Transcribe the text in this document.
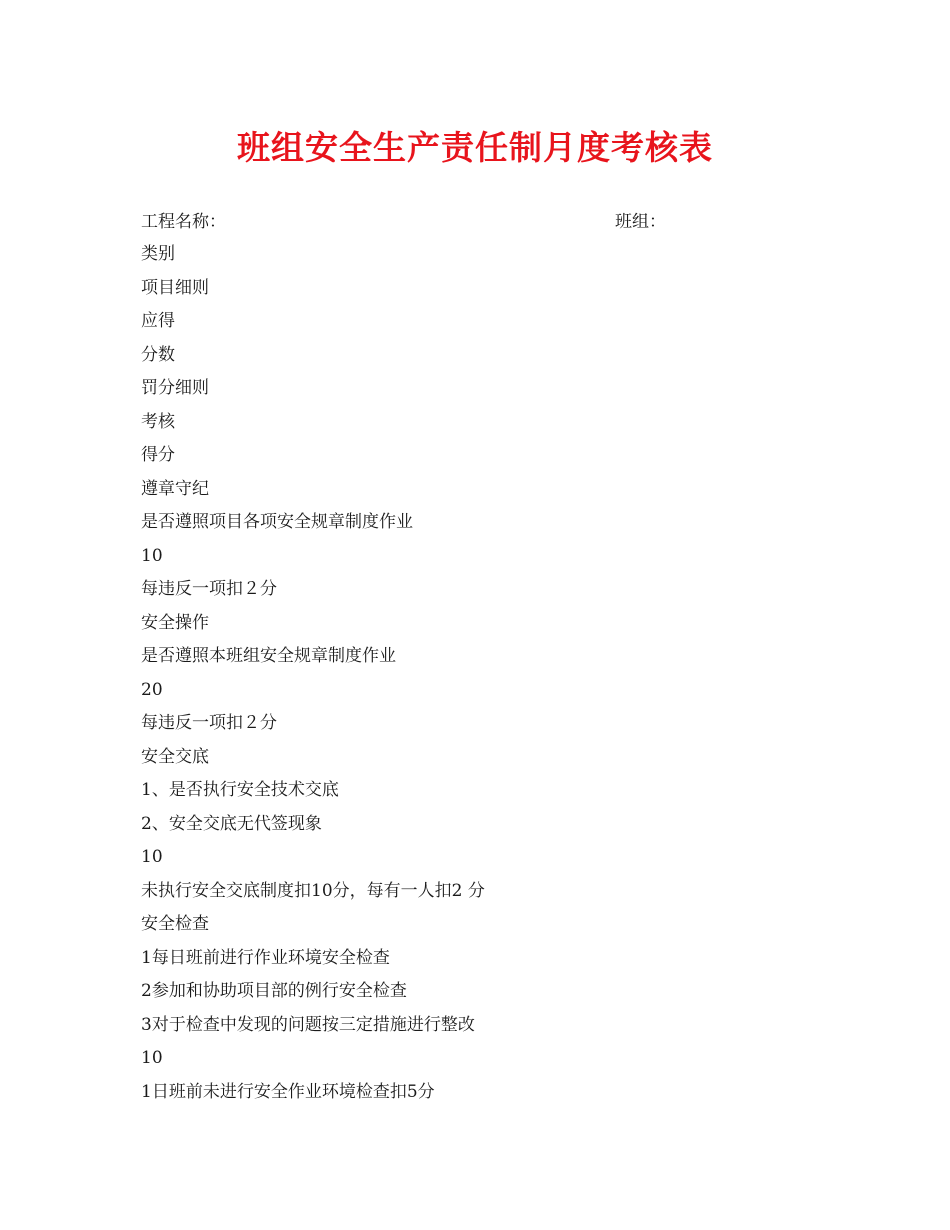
班组安全生产责任制月度考核表
工程名称：	班组：
类别
项目细则
应得
分数
罚分细则
考核
得分
遵章守纪
是否遵照项目各项安全规章制度作业
10
每违反一项扣２分
安全操作
是否遵照本班组安全规章制度作业
20
每违反一项扣２分
安全交底
1、是否执行安全技术交底
2、安全交底无代签现象
10
未执行安全交底制度扣10分，每有一人扣2 分
安全检查
1每日班前进行作业环境安全检查
2参加和协助项目部的例行安全检查
3对于检查中发现的问题按三定措施进行整改
10
1日班前未进行安全作业环境检查扣5分
